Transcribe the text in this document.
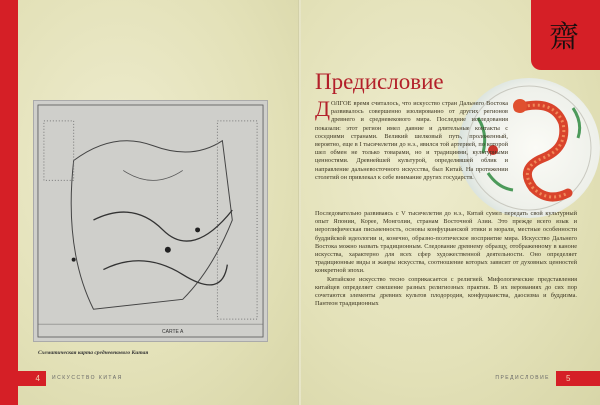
CARTE A
Схематическая карта средневекового Китая
4	ИСКУССТВО КИТАЯ
齋
Предисловие
ДОЛГОЕ время считалось, что искусство стран Дальнего Востока развивалось совершенно изолированно от других регионов древнего и средневекового мира. Последние исследования показали: этот регион имел давние и длительные контакты с соседними странами. Великий шелковый путь, проложенный, вероятно, еще в I тысячелетии до н.э., явился той артерией, по которой шел обмен не только товарами, но и традициями, культурными ценностями. Древнейшей культурой, определявшей облик и направление дальневосточного искусства, был Китай. На протяжении столетий он привлекал к себе внимание других государств.

Последовательно развиваясь с V тысячелетия до н.э., Китай сумел передать свой культурный опыт Японии, Корее, Монголии, странам Восточной Азии. Это прежде всего язык и иероглифическая письменность, основы конфуцианской этики и морали, местные особенности буддийской идеологии и, конечно, образно-поэтическое восприятие мира. Искусство Дальнего Востока можно назвать традиционным. Следование древнему образцу, отображенному в каноне искусства, характерно для всех сфер художественной деятельности. Оно определяет традиционные виды и жанры искусства, соотношение которых зависит от духовных ценностей конкретной эпохи.

Китайское искусство тесно соприкасается с религией. Мифологические представления китайцев определяет смешение разных религиозных практик. В их верованиях до сих пор сочетаются элементы древних культов плодородия, конфуцианства, даосизма и буддизма. Пантеон традиционных

ПРЕДИСЛОВИЕ	5
